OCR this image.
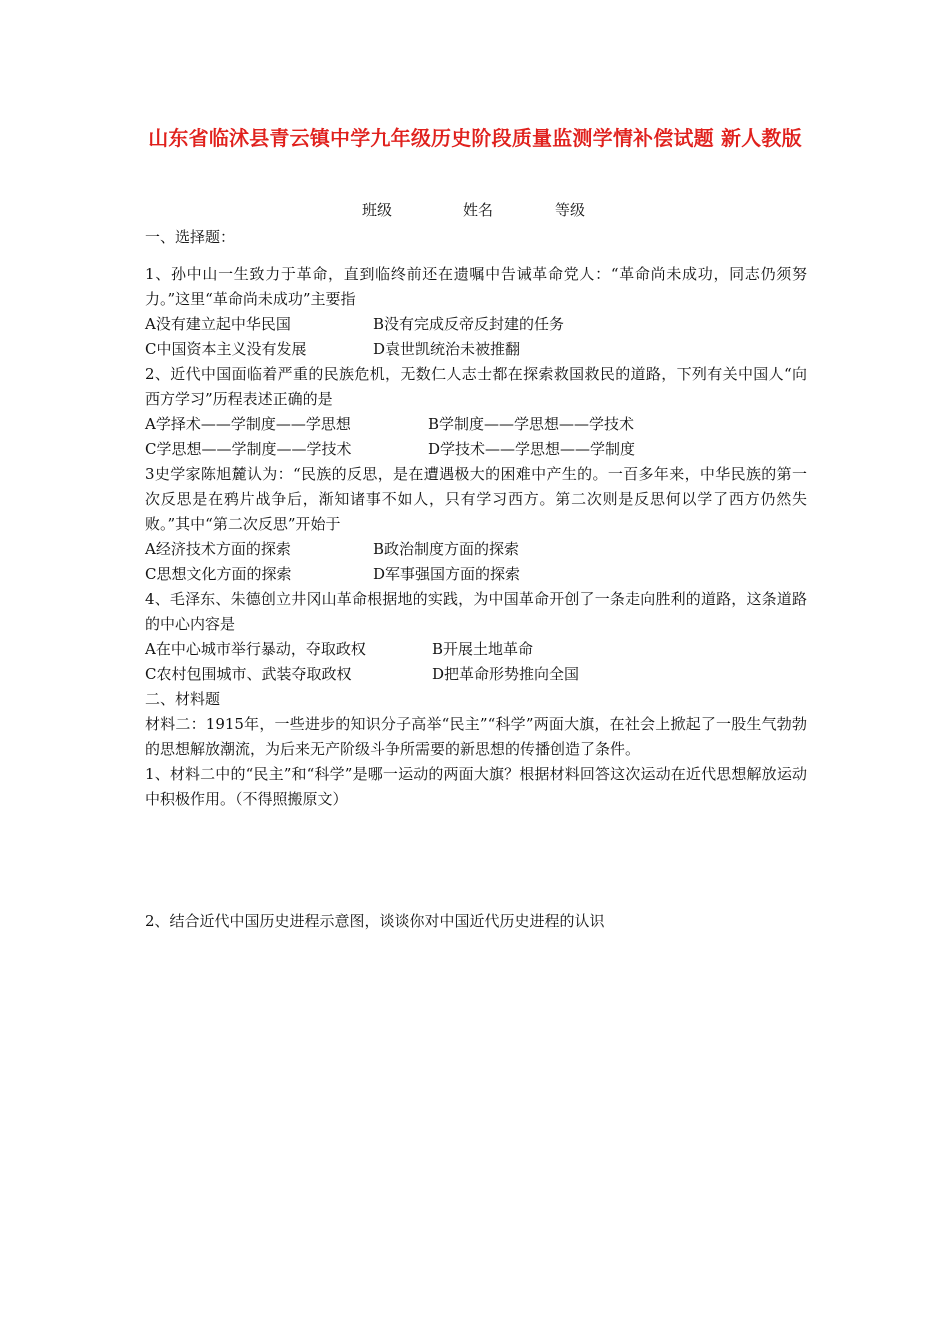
山东省临沭县青云镇中学九年级历史阶段质量监测学情补偿试题 新人教版
班级	姓名	等级
一、选择题：
1、孙中山一生致力于革命，直到临终前还在遗嘱中告诫革命党人：“革命尚未成功，同志仍须努力。”这里“革命尚未成功”主要指
A没有建立起中华民国	B没有完成反帝反封建的任务
C中国资本主义没有发展	D袁世凯统治未被推翻
2、近代中国面临着严重的民族危机，无数仁人志士都在探索救国救民的道路，下列有关中国人“向西方学习”历程表述正确的是
A学择术——学制度——学思想	B学制度——学思想——学技术
C学思想——学制度——学技术	D学技术——学思想——学制度
3史学家陈旭麓认为：“民族的反思，是在遭遇极大的困难中产生的。一百多年来，中华民族的第一次反思是在鸦片战争后，渐知诸事不如人，只有学习西方。第二次则是反思何以学了西方仍然失败。”其中“第二次反思”开始于
A经济技术方面的探索	B政治制度方面的探索
C思想文化方面的探索	D军事强国方面的探索
4、毛泽东、朱德创立井冈山革命根据地的实践，为中国革命开创了一条走向胜利的道路，这条道路的中心内容是
A在中心城市举行暴动，夺取政权	B开展土地革命
C农村包围城市、武装夺取政权	D把革命形势推向全国
二、材料题
材料二：1915年，一些进步的知识分子高举“民主”“科学”两面大旗，在社会上掀起了一股生气勃勃的思想解放潮流，为后来无产阶级斗争所需要的新思想的传播创造了条件。
1、材料二中的“民主”和“科学”是哪一运动的两面大旗？根据材料回答这次运动在近代思想解放运动中积极作用。（不得照搬原文）
2、结合近代中国历史进程示意图，谈谈你对中国近代历史进程的认识
